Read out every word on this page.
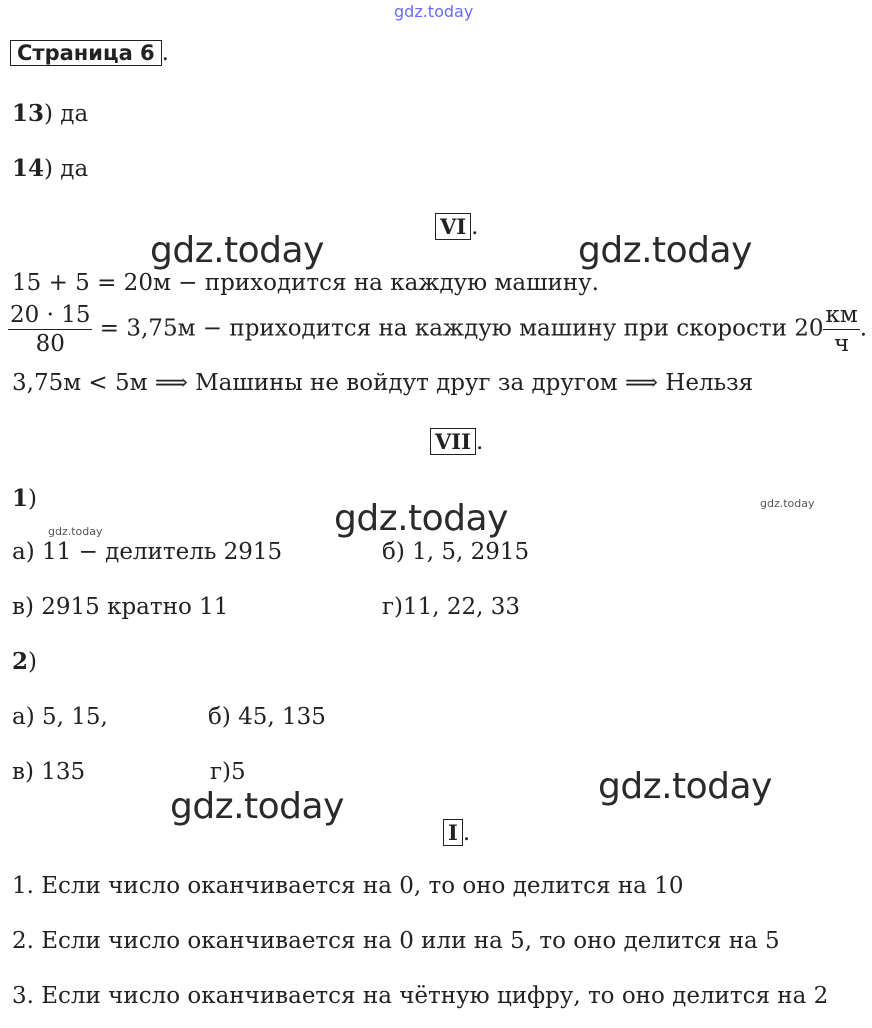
gdz.today
gdz.today	gdz.today
gdz.today
gdz.today
gdz.today
gdz.today
gdz.today
Страница 6 .
13) да
14) да
VI .
15 + 5 = 20м − приходится на каждую машину.
$\frac{20 \cdot 15}{80} = 3,75м$ − приходится на каждую машину при скорости $20 \frac{км}{ч}$ .
3,75м < 5м ⟹ Машины не войдут друг за другом ⟹ Нельзя
VII .
1)
а) 11 − делитель 2915	б) 1, 5, 2915
в) 2915 кратно 11	г)11, 22, 33
2)
а) 5, 15,	б) 45, 135
в) 135	г)5
I .
1. Если число оканчивается на 0, то оно делится на 10
2. Если число оканчивается на 0 или на 5, то оно делится на 5
3. Если число оканчивается на чётную цифру, то оно делится на 2
